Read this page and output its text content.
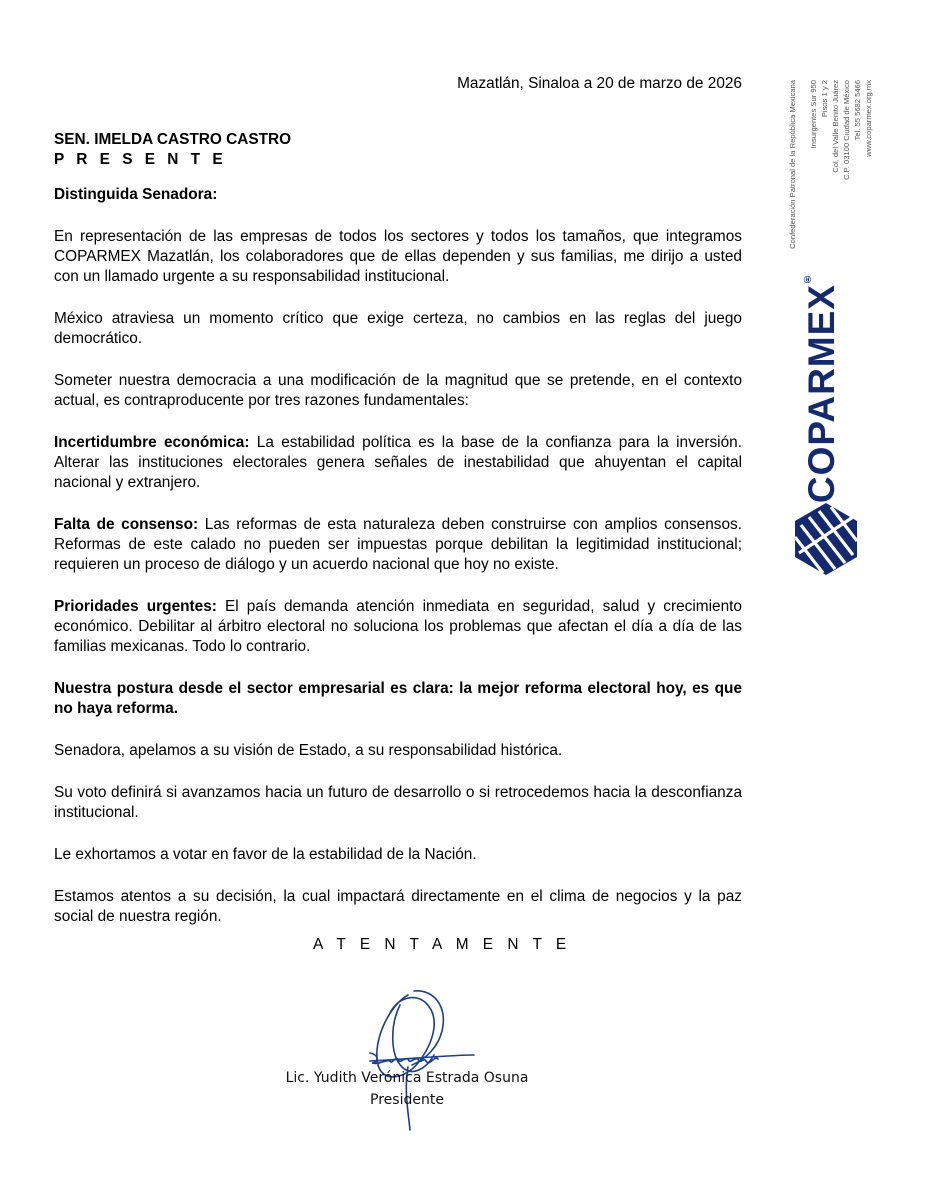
Mazatlán, Sinaloa a 20 de marzo de 2026

SEN. IMELDA CASTRO CASTRO
P R E S E N T E

Distinguida Senadora:

En representación de las empresas de todos los sectores y todos los tamaños, que integramos COPARMEX Mazatlán, los colaboradores que de ellas dependen y sus familias, me dirijo a usted con un llamado urgente a su responsabilidad institucional.

México atraviesa un momento crítico que exige certeza, no cambios en las reglas del juego democrático.

Someter nuestra democracia a una modificación de la magnitud que se pretende, en el contexto actual, es contraproducente por tres razones fundamentales:

Incertidumbre económica: La estabilidad política es la base de la confianza para la inversión. Alterar las instituciones electorales genera señales de inestabilidad que ahuyentan el capital nacional y extranjero.

Falta de consenso: Las reformas de esta naturaleza deben construirse con amplios consensos. Reformas de este calado no pueden ser impuestas porque debilitan la legitimidad institucional; requieren un proceso de diálogo y un acuerdo nacional que hoy no existe.

Prioridades urgentes: El país demanda atención inmediata en seguridad, salud y crecimiento económico. Debilitar al árbitro electoral no soluciona los problemas que afectan el día a día de las familias mexicanas. Todo lo contrario.

Nuestra postura desde el sector empresarial es clara: la mejor reforma electoral hoy, es que no haya reforma.

Senadora, apelamos a su visión de Estado, a su responsabilidad histórica.

Su voto definirá si avanzamos hacia un futuro de desarrollo o si retrocedemos hacia la desconfianza institucional.

Le exhortamos a votar en favor de la estabilidad de la Nación.

Estamos atentos a su decisión, la cual impactará directamente en el clima de negocios y la paz social de nuestra región.

A T E N T A M E N T E
Lic. Yudith Verónica Estrada Osuna
Presidente
Confederación Patronal de la República Mexicana Insurgentes Sur 950 Pisos 1 y 2 Col. del Valle Benito Juárez C.P. 03100 Ciudad de México Tel. 55 5682 5466 www.coparmex.org.mx
COPARMEX®
